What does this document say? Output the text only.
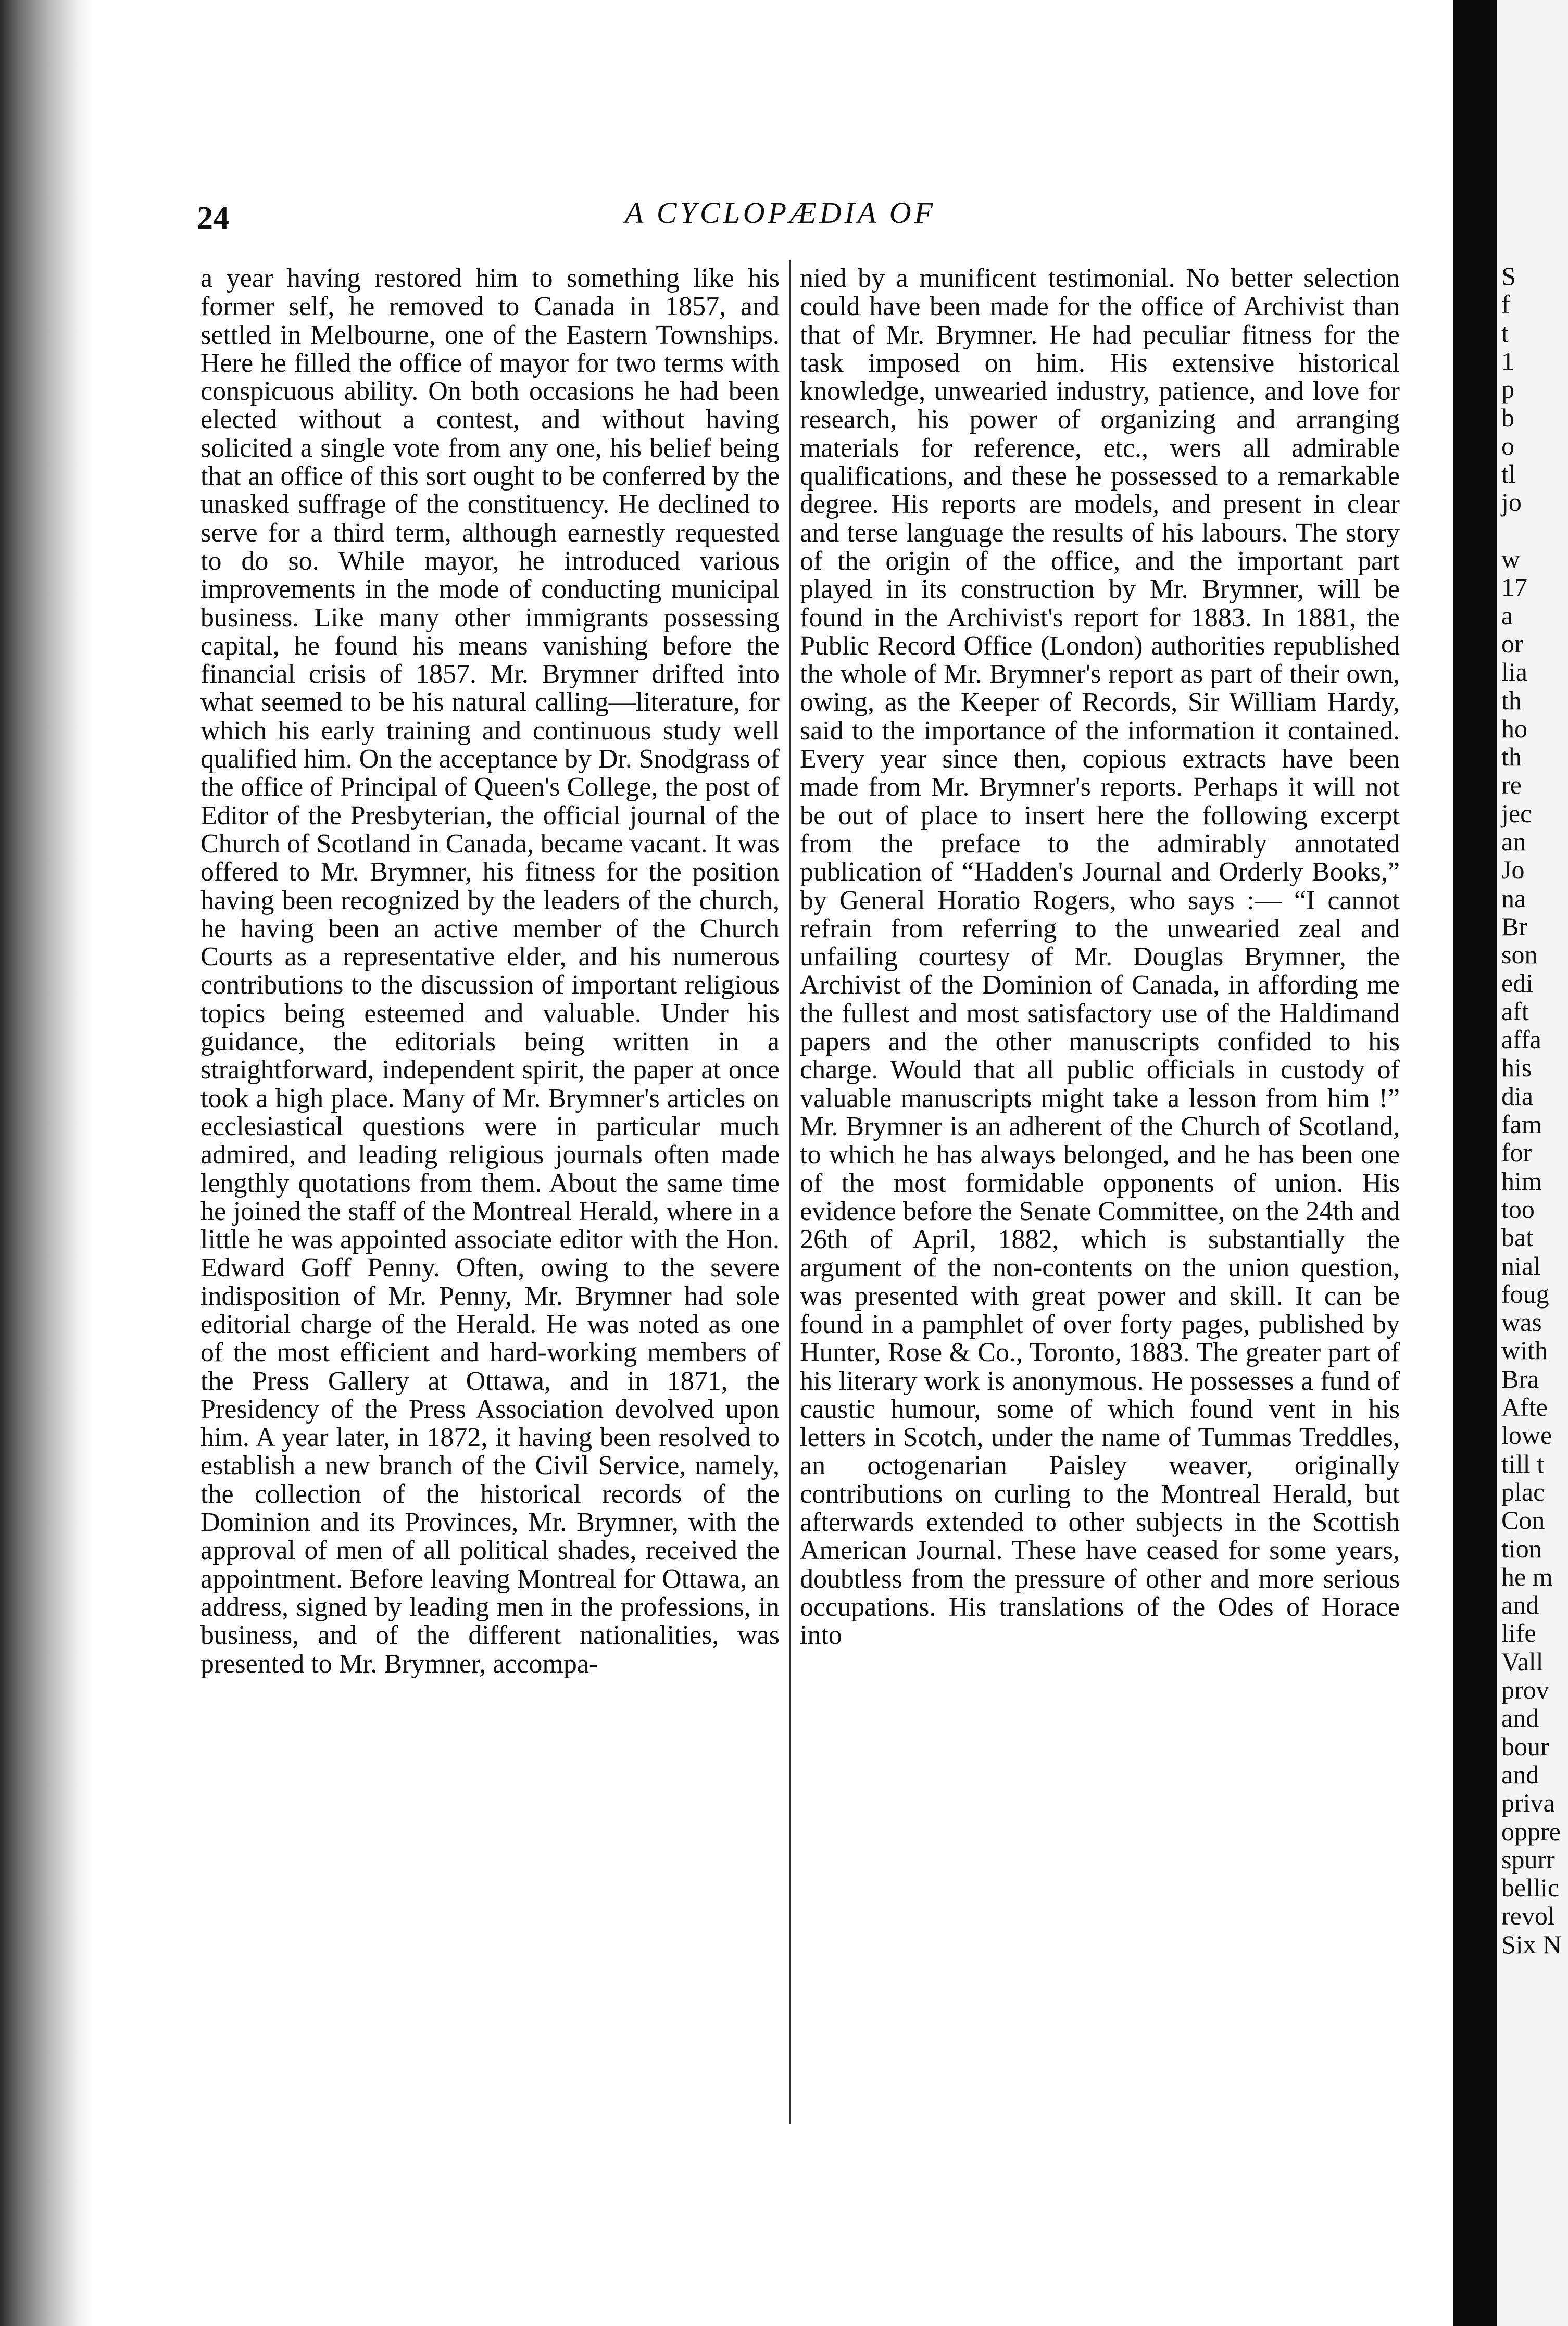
24	A CYCLOPÆDIA OF

a year having restored him to something like his former self, he removed to Canada in 1857, and settled in Melbourne, one of the Eastern Townships. Here he filled the office of mayor for two terms with conspicuous ability. On both occasions he had been elected without a contest, and without having solicited a single vote from any one, his belief being that an office of this sort ought to be conferred by the unasked suffrage of the constituency. He declined to serve for a third term, although earnestly requested to do so. While mayor, he introduced various improvements in the mode of conducting municipal business. Like many other immigrants possessing capital, he found his means vanishing before the financial crisis of 1857. Mr. Brymner drifted into what seemed to be his natural calling—literature, for which his early training and continuous study well qualified him. On the acceptance by Dr. Snodgrass of the office of Principal of Queen's College, the post of Editor of the Presbyterian, the official journal of the Church of Scotland in Canada, became vacant. It was offered to Mr. Brymner, his fitness for the position having been recognized by the leaders of the church, he having been an active member of the Church Courts as a representative elder, and his numerous contributions to the discussion of important religious topics being esteemed and valuable. Under his guidance, the editorials being written in a straightforward, independent spirit, the paper at once took a high place. Many of Mr. Brymner's articles on ecclesiastical questions were in particular much admired, and leading religious journals often made lengthly quotations from them. About the same time he joined the staff of the Montreal Herald, where in a little he was appointed associate editor with the Hon. Edward Goff Penny. Often, owing to the severe indisposition of Mr. Penny, Mr. Brymner had sole editorial charge of the Herald. He was noted as one of the most efficient and hard-working members of the Press Gallery at Ottawa, and in 1871, the Presidency of the Press Association devolved upon him. A year later, in 1872, it having been resolved to establish a new branch of the Civil Service, namely, the collection of the historical records of the Dominion and its Provinces, Mr. Brymner, with the approval of men of all political shades, received the appointment. Before leaving Montreal for Ottawa, an address, signed by leading men in the professions, in business, and of the different nationalities, was presented to Mr. Brymner, accompa-

nied by a munificent testimonial. No better selection could have been made for the office of Archivist than that of Mr. Brymner. He had peculiar fitness for the task imposed on him. His extensive historical knowledge, unwearied industry, patience, and love for research, his power of organizing and arranging materials for reference, etc., wers all admirable qualifications, and these he possessed to a remarkable degree. His reports are models, and present in clear and terse language the results of his labours. The story of the origin of the office, and the important part played in its construction by Mr. Brymner, will be found in the Archivist's report for 1883. In 1881, the Public Record Office (London) authorities republished the whole of Mr. Brymner's report as part of their own, owing, as the Keeper of Records, Sir William Hardy, said to the importance of the information it contained. Every year since then, copious extracts have been made from Mr. Brymner's reports. Perhaps it will not be out of place to insert here the following excerpt from the preface to the admirably annotated publication of “Hadden's Journal and Orderly Books,” by General Horatio Rogers, who says :— “I cannot refrain from referring to the unwearied zeal and unfailing courtesy of Mr. Douglas Brymner, the Archivist of the Dominion of Canada, in affording me the fullest and most satisfactory use of the Haldimand papers and the other manuscripts confided to his charge. Would that all public officials in custody of valuable manuscripts might take a lesson from him !” Mr. Brymner is an adherent of the Church of Scotland, to which he has always belonged, and he has been one of the most formidable opponents of union. His evidence before the Senate Committee, on the 24th and 26th of April, 1882, which is substantially the argument of the non-contents on the union question, was presented with great power and skill. It can be found in a pamphlet of over forty pages, published by Hunter, Rose & Co., Toronto, 1883. The greater part of his literary work is anonymous. He possesses a fund of caustic humour, some of which found vent in his letters in Scotch, under the name of Tummas Treddles, an octogenarian Paisley weaver, originally contributions on curling to the Montreal Herald, but afterwards extended to other subjects in the Scottish American Journal. These have ceased for some years, doubtless from the pressure of other and more serious occupations. His translations of the Odes of Horace into

S
f
t
1
p
b
o
tl
jo
w
17
a
or
lia
th
ho
th
re
jec
an
Jo
na
Br
son
edi
aft
affa
his
dia
fam
for
him
too
bat
nial
foug
was
with
Bra
Afte
lowe
till t
plac
Con
tion
he m
and
life
Vall
prov
and
bour
and
priva
oppre
spurr
bellic
revol
Six N
